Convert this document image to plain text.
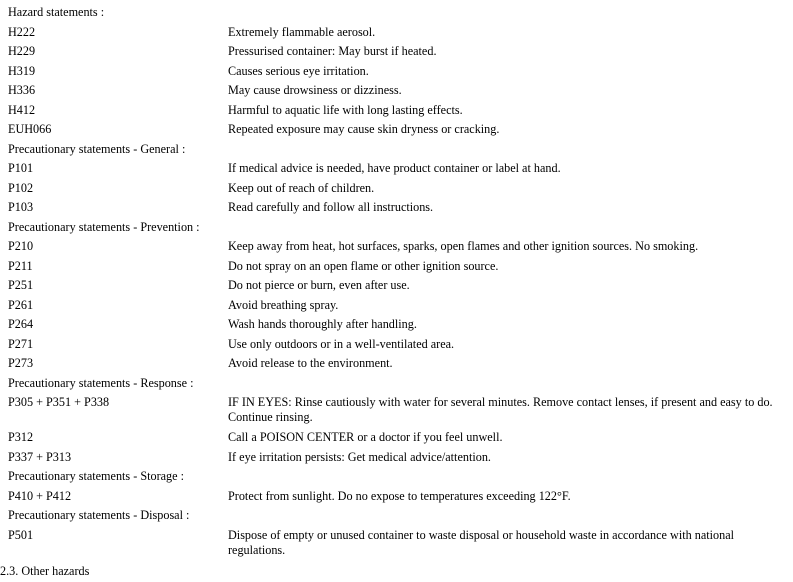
Hazard statements :
H222	Extremely flammable aerosol.
H229	Pressurised container: May burst if heated.
H319	Causes serious eye irritation.
H336	May cause drowsiness or dizziness.
H412	Harmful to aquatic life with long lasting effects.
EUH066	Repeated exposure may cause skin dryness or cracking.
Precautionary statements - General :
P101	If medical advice is needed, have product container or label at hand.
P102	Keep out of reach of children.
P103	Read carefully and follow all instructions.
Precautionary statements - Prevention :
P210	Keep away from heat, hot surfaces, sparks, open flames and other ignition sources. No smoking.
P211	Do not spray on an open flame or other ignition source.
P251	Do not pierce or burn, even after use.
P261	Avoid breathing spray.
P264	Wash hands thoroughly after handling.
P271	Use only outdoors or in a well-ventilated area.
P273	Avoid release to the environment.
Precautionary statements - Response :
P305 + P351 + P338	IF IN EYES: Rinse cautiously with water for several minutes. Remove contact lenses, if present and easy to do. Continue rinsing.
P312	Call a POISON CENTER or a doctor if you feel unwell.
P337 + P313	If eye irritation persists: Get medical advice/attention.
Precautionary statements - Storage :
P410 + P412	Protect from sunlight. Do no expose to temperatures exceeding 122°F.
Precautionary statements - Disposal :
P501	Dispose of empty or unused container to waste disposal or household waste in accordance with national regulations.
2.3. Other hazards
